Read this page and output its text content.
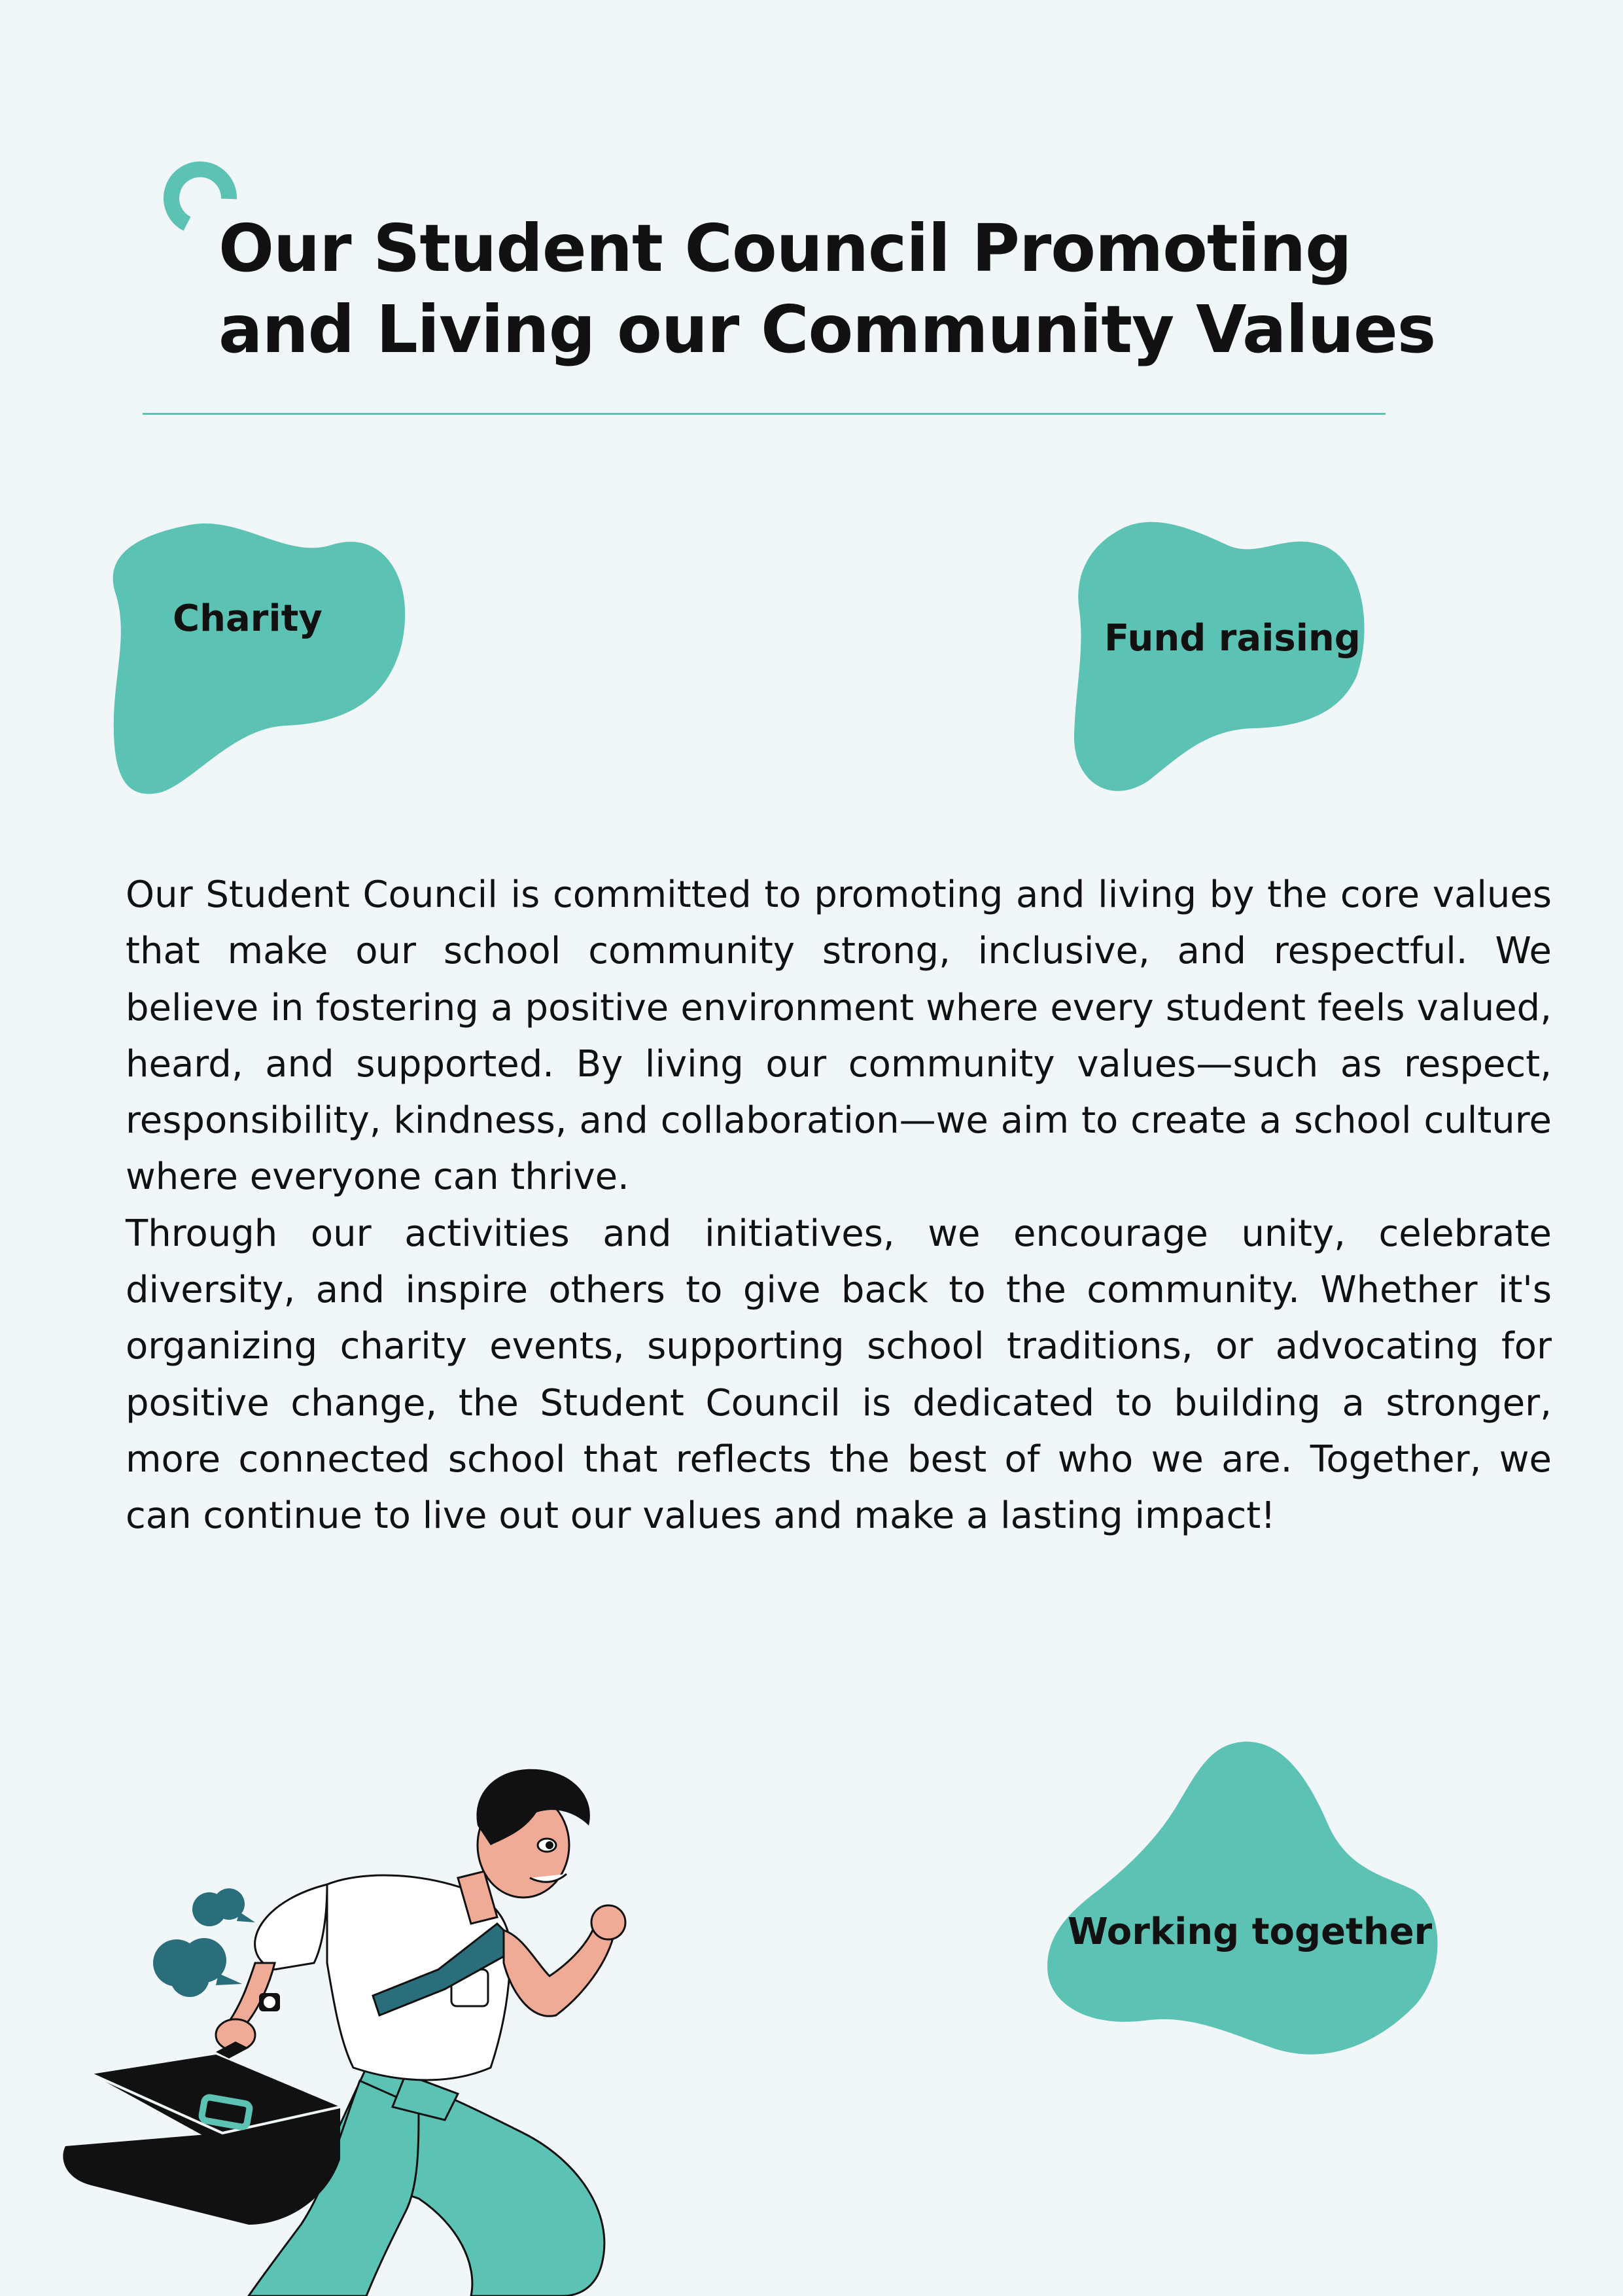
Our Student Council Promoting
and Living our Community Values
Charity	Fund raising

Our Student Council is committed to promoting and living by the core values that make our school community strong, inclusive, and respectful. We believe in fostering a positive environment where every student feels valued, heard, and supported. By living our community values—such as respect, responsibility, kindness, and collaboration—we aim to create a school culture where everyone can thrive.

Through our activities and initiatives, we encourage unity, celebrate diversity, and inspire others to give back to the community. Whether it's organizing charity events, supporting school traditions, or advocating for positive change, the Student Council is dedicated to building a stronger, more connected school that reflects the best of who we are. Together, we can continue to live out our values and make a lasting impact!

Working together
